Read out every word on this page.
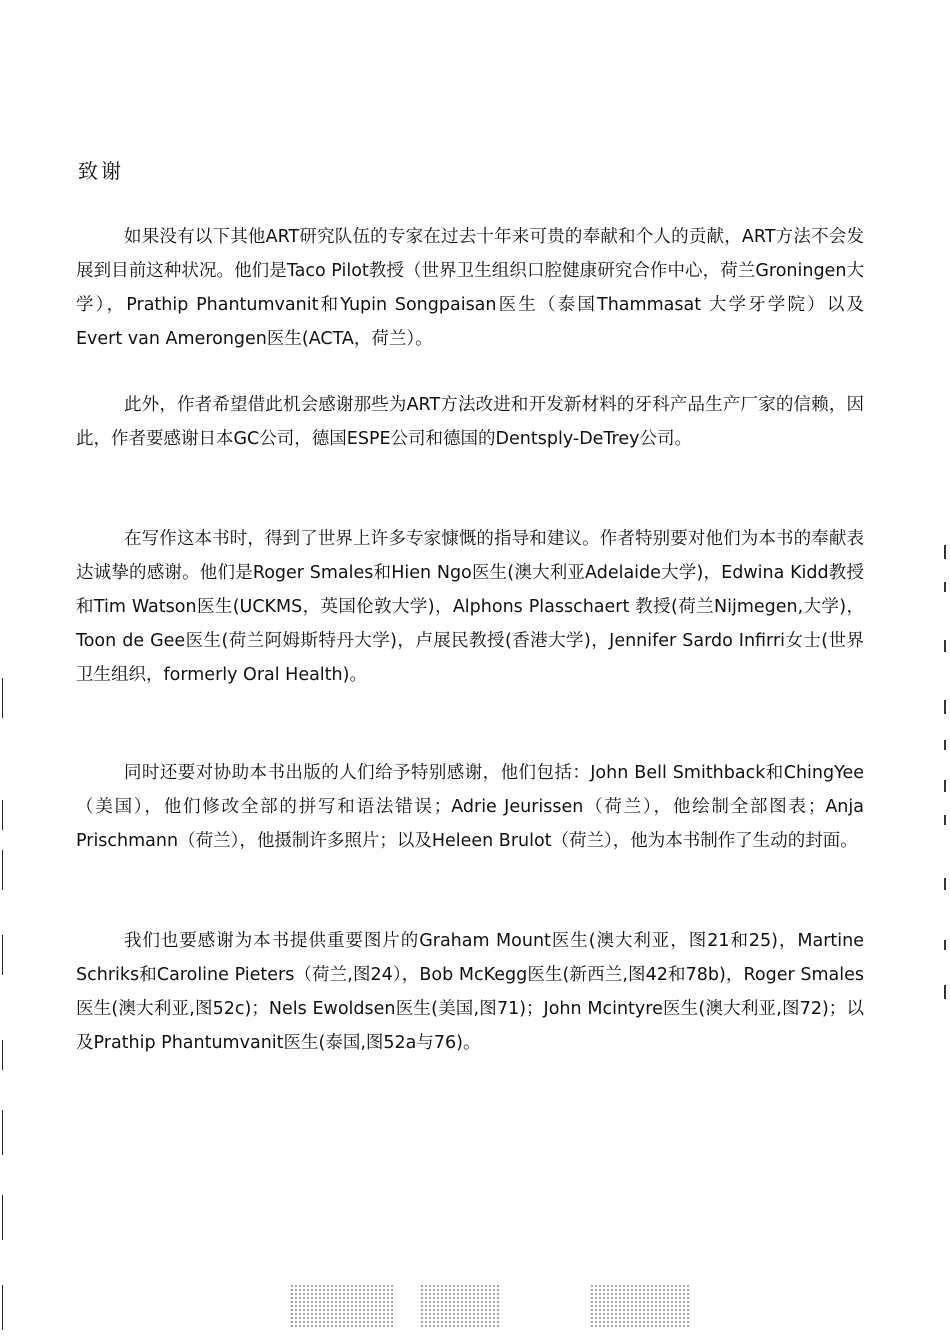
致谢

如果没有以下其他ART研究队伍的专家在过去十年来可贵的奉献和个人的贡献，ART方法不会发展到目前这种状况。他们是Taco Pilot教授（世界卫生组织口腔健康研究合作中心，荷兰Groningen大学），Prathip Phantumvanit和Yupin Songpaisan医生（泰国Thammasat 大学牙学院）以及Evert van Amerongen医生(ACTA，荷兰）。

此外，作者希望借此机会感谢那些为ART方法改进和开发新材料的牙科产品生产厂家的信赖，因此，作者要感谢日本GC公司，德国ESPE公司和德国的Dentsply-DeTrey公司。

在写作这本书时，得到了世界上许多专家慷慨的指导和建议。作者特别要对他们为本书的奉献表达诚挚的感谢。他们是Roger Smales和Hien Ngo医生(澳大利亚Adelaide大学)，Edwina Kidd教授和Tim Watson医生(UCKMS，英国伦敦大学)，Alphons Plasschaert 教授(荷兰Nijmegen,大学)，Toon de Gee医生(荷兰阿姆斯特丹大学)，卢展民教授(香港大学)，Jennifer Sardo Infirri女士(世界卫生组织，formerly Oral Health)。

同时还要对协助本书出版的人们给予特别感谢，他们包括：John Bell Smithback和ChingYee（美国），他们修改全部的拼写和语法错误；Adrie Jeurissen（荷兰），他绘制全部图表；Anja Prischmann（荷兰），他摄制许多照片；以及Heleen Brulot（荷兰），他为本书制作了生动的封面。

我们也要感谢为本书提供重要图片的Graham Mount医生(澳大利亚，图21和25)，Martine Schriks和Caroline Pieters（荷兰,图24），Bob McKegg医生(新西兰,图42和78b)，Roger Smales医生(澳大利亚,图52c)；Nels Ewoldsen医生(美国,图71)；John Mcintyre医生(澳大利亚,图72)；以及Prathip Phantumvanit医生(泰国,图52a与76)。
